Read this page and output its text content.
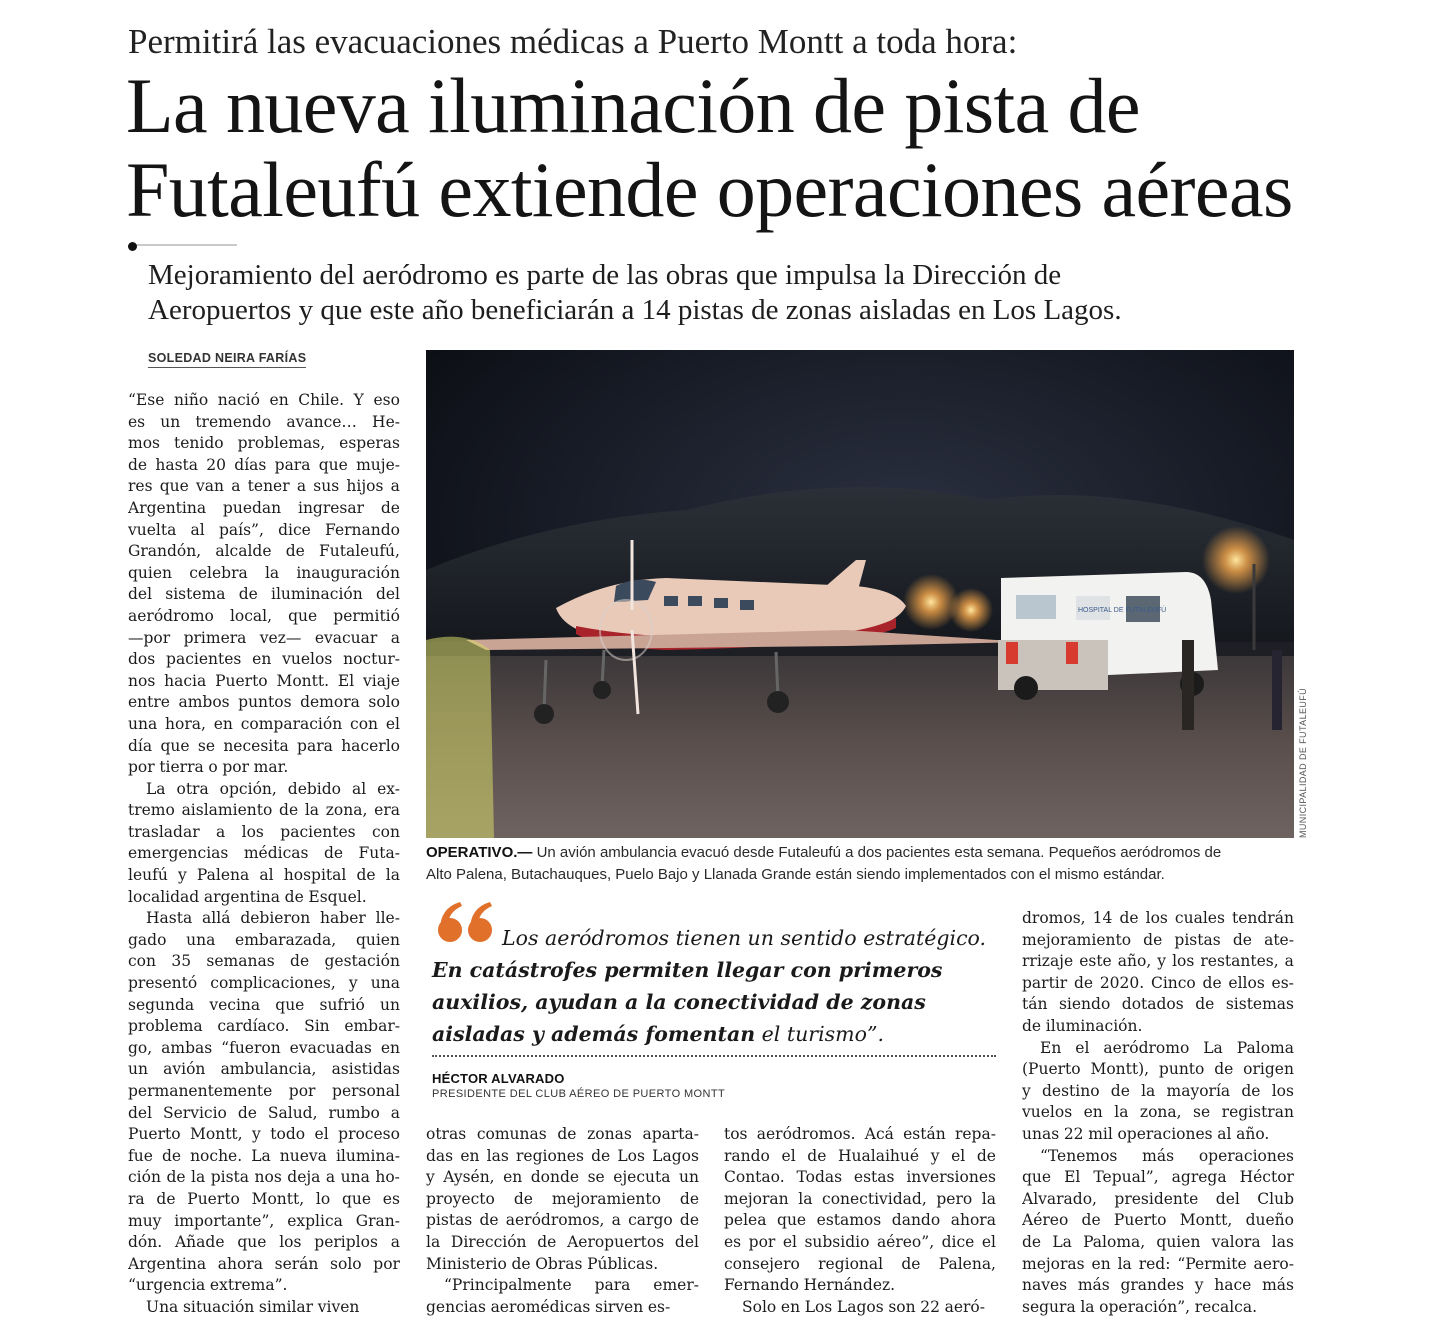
Permitirá las evacuaciones médicas a Puerto Montt a toda hora:
La nueva iluminación de pista de
Futaleufú extiende operaciones aéreas
Mejoramiento del aeródromo es parte de las obras que impulsa la Dirección de
Aeropuertos y que este año beneficiarán a 14 pistas de zonas aisladas en Los Lagos.
SOLEDAD NEIRA FARÍAS
“Ese niño nació en Chile. Y eso
es un tremendo avance… He-
mos tenido problemas, esperas
de hasta 20 días para que muje-
res que van a tener a sus hijos a
Argentina puedan ingresar de
vuelta al país”, dice Fernando
Grandón, alcalde de Futaleufú,
quien celebra la inauguración
del sistema de iluminación del
aeródromo local, que permitió
—por primera vez— evacuar a
dos pacientes en vuelos noctur-
nos hacia Puerto Montt. El viaje
entre ambos puntos demora solo
una hora, en comparación con el
día que se necesita para hacerlo
por tierra o por mar.
La otra opción, debido al ex-
tremo aislamiento de la zona, era
trasladar a los pacientes con
emergencias médicas de Futa-
leufú y Palena al hospital de la
localidad argentina de Esquel.
Hasta allá debieron haber lle-
gado una embarazada, quien
con 35 semanas de gestación
presentó complicaciones, y una
segunda vecina que sufrió un
problema cardíaco. Sin embar-
go, ambas “fueron evacuadas en
un avión ambulancia, asistidas
permanentemente por personal
del Servicio de Salud, rumbo a
Puerto Montt, y todo el proceso
fue de noche. La nueva ilumina-
ción de la pista nos deja a una ho-
ra de Puerto Montt, lo que es
muy importante”, explica Gran-
dón. Añade que los periplos a
Argentina ahora serán solo por
“urgencia extrema”.
Una situación similar viven
otras comunas de zonas aparta-
das en las regiones de Los Lagos
y Aysén, en donde se ejecuta un
proyecto de mejoramiento de
pistas de aeródromos, a cargo de
la Dirección de Aeropuertos del
Ministerio de Obras Públicas.
“Principalmente para emer-
gencias aeromédicas sirven es-
tos aeródromos. Acá están repa-
rando el de Hualaihué y el de
Contao. Todas estas inversiones
mejoran la conectividad, pero la
pelea que estamos dando ahora
es por el subsidio aéreo”, dice el
consejero regional de Palena,
Fernando Hernández.
Solo en Los Lagos son 22 aeró-
dromos, 14 de los cuales tendrán
mejoramiento de pistas de ate-
rrizaje este año, y los restantes, a
partir de 2020. Cinco de ellos es-
tán siendo dotados de sistemas
de iluminación.
En el aeródromo La Paloma
(Puerto Montt), punto de origen
y destino de la mayoría de los
vuelos en la zona, se registran
unas 22 mil operaciones al año.
“Tenemos más operaciones
que El Tepual”, agrega Héctor
Alvarado, presidente del Club
Aéreo de Puerto Montt, dueño
de La Paloma, quien valora las
mejoras en la red: “Permite aero-
naves más grandes y hace más
segura la operación”, recalca.
HOSPITAL DE FUTALEUFÚ
MUNICIPALIDAD DE FUTALEUFÚ
OPERATIVO.— Un avión ambulancia evacuó desde Futaleufú a dos pacientes esta semana. Pequeños aeródromos de
Alto Palena, Butachauques, Puelo Bajo y Llanada Grande están siendo implementados con el mismo estándar.
Los aeródromos tienen un sentido estratégico.
En catástrofes permiten llegar con primeros
auxilios, ayudan a la conectividad de zonas
aisladas y además fomentan el turismo”.
HÉCTOR ALVARADO
PRESIDENTE DEL CLUB AÉREO DE PUERTO MONTT
